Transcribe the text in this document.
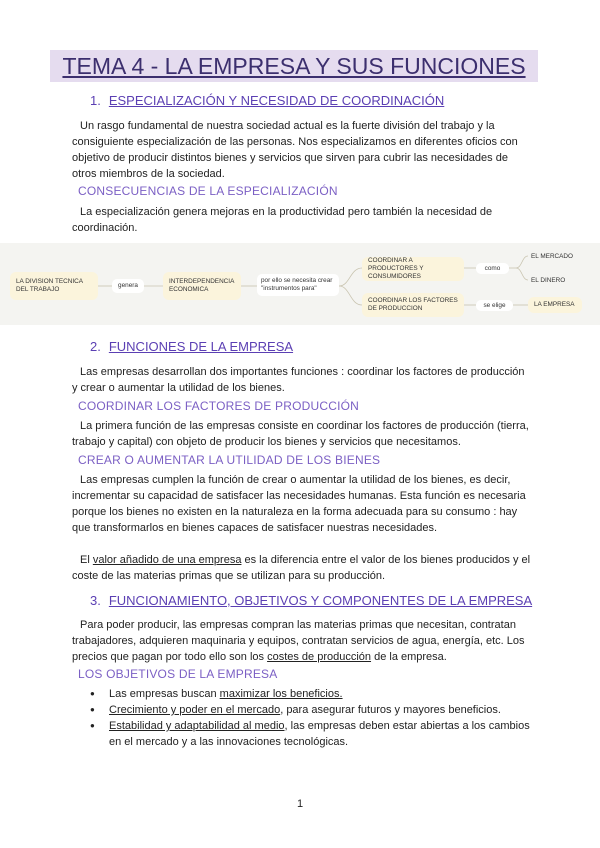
TEMA 4 - LA EMPRESA Y SUS FUNCIONES
1. ESPECIALIZACIÓN Y NECESIDAD DE COORDINACIÓN
Un rasgo fundamental de nuestra sociedad actual es la fuerte división del trabajo y la consiguiente especialización de las personas. Nos especializamos en diferentes oficios con objetivo de producir distintos bienes y servicios que sirven para cubrir las necesidades de otros miembros de la sociedad.
CONSECUENCIAS DE LA ESPECIALIZACIÓN
La especialización genera mejoras en la productividad pero también la necesidad de coordinación.
LA DIVISION TECNICA DEL TRABAJO
genera
INTERDEPENDENCIA ECONOMICA
por ello se necesita crear "instrumentos para"
COORDINAR A PRODUCTORES Y CONSUMIDORES
COORDINAR LOS FACTORES DE PRODUCCION
como
se elige
EL MERCADO
EL DINERO
LA EMPRESA
2. FUNCIONES DE LA EMPRESA
Las empresas desarrollan dos importantes funciones : coordinar los factores de producción y crear o aumentar la utilidad de los bienes.
COORDINAR LOS FACTORES DE PRODUCCIÓN
La primera función de las empresas consiste en coordinar los factores de producción (tierra, trabajo y capital) con objeto de producir los bienes y servicios que necesitamos.
CREAR O AUMENTAR LA UTILIDAD DE LOS BIENES
Las empresas cumplen la función de crear o aumentar la utilidad de los bienes, es decir, incrementar su capacidad de satisfacer las necesidades humanas. Esta función es necesaria porque los bienes no existen en la naturaleza en la forma adecuada para su consumo : hay que transformarlos en bienes capaces de satisfacer nuestras necesidades.
El valor añadido de una empresa es la diferencia entre el valor de los bienes producidos y el coste de las materias primas que se utilizan para su producción.
3. FUNCIONAMIENTO, OBJETIVOS Y COMPONENTES DE LA EMPRESA
Para poder producir, las empresas compran las materias primas que necesitan, contratan trabajadores, adquieren maquinaria y equipos, contratan servicios de agua, energía, etc. Los precios que pagan por todo ello son los costes de producción de la empresa.
LOS OBJETIVOS DE LA EMPRESA
● Las empresas buscan maximizar los beneficios.
● Crecimiento y poder en el mercado, para asegurar futuros y mayores beneficios.
● Estabilidad y adaptabilidad al medio, las empresas deben estar abiertas a los cambios en el mercado y a las innovaciones tecnológicas.
1
